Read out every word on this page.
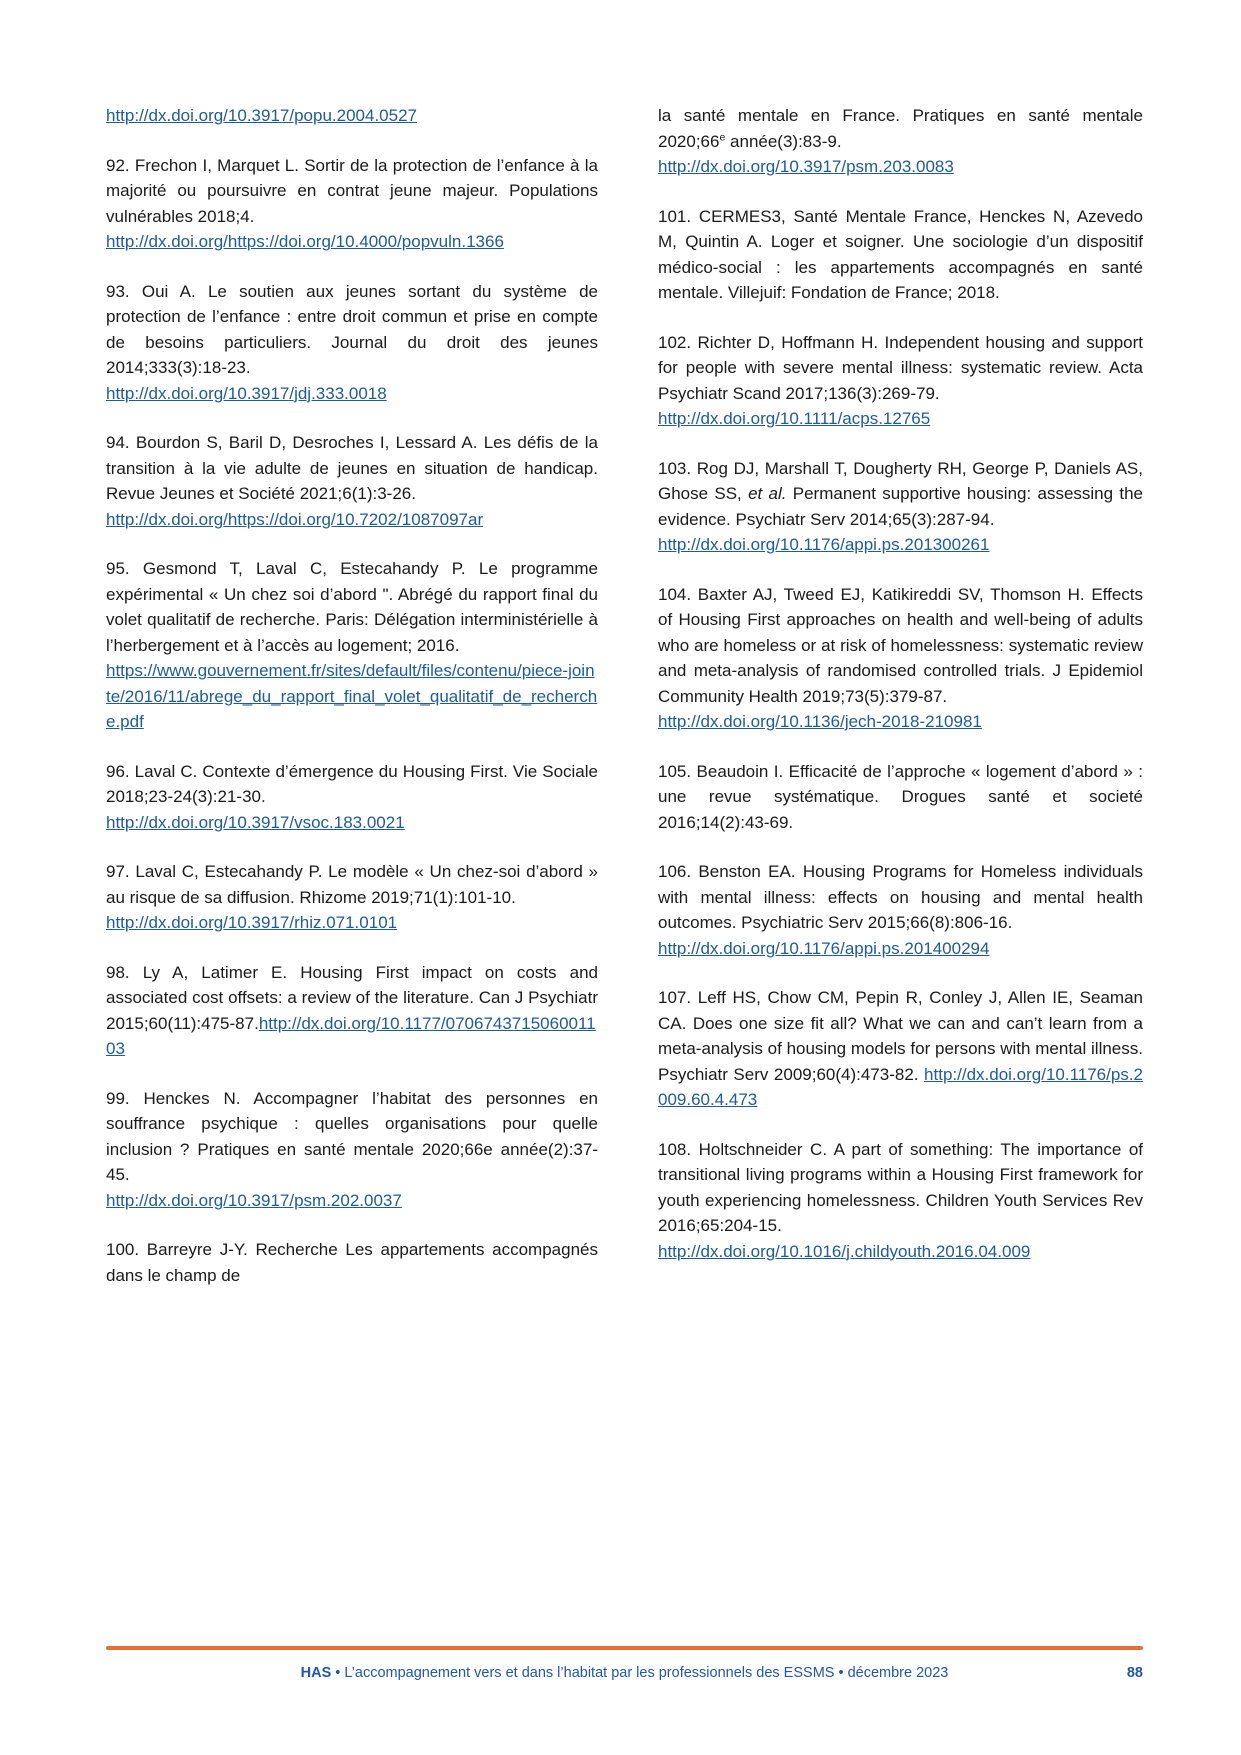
http://dx.doi.org/10.3917/popu.2004.0527

92. Frechon I, Marquet L. Sortir de la protection de l’enfance à la majorité ou poursuivre en contrat jeune majeur. Populations vulnérables 2018;4.
http://dx.doi.org/https://doi.org/10.4000/popvuln.1366

93. Oui A. Le soutien aux jeunes sortant du système de protection de l’enfance : entre droit commun et prise en compte de besoins particuliers. Journal du droit des jeunes 2014;333(3):18-23.
http://dx.doi.org/10.3917/jdj.333.0018

94. Bourdon S, Baril D, Desroches I, Lessard A. Les défis de la transition à la vie adulte de jeunes en situation de handicap. Revue Jeunes et Société 2021;6(1):3-26.
http://dx.doi.org/https://doi.org/10.7202/1087097ar

95. Gesmond T, Laval C, Estecahandy P. Le programme expérimental « Un chez soi d’abord ". Abrégé du rapport final du volet qualitatif de recherche. Paris: Délégation interministérielle à l’herbergement et à l’accès au logement; 2016.
https://www.gouvernement.fr/sites/default/files/contenu/piece-jointe/2016/11/abrege_du_rapport_final_volet_qualitatif_de_recherche.pdf

96. Laval C. Contexte d’émergence du Housing First. Vie Sociale 2018;23-24(3):21-30.
http://dx.doi.org/10.3917/vsoc.183.0021

97. Laval C, Estecahandy P. Le modèle « Un chez-soi d’abord » au risque de sa diffusion. Rhizome 2019;71(1):101-10.
http://dx.doi.org/10.3917/rhiz.071.0101

98. Ly A, Latimer E. Housing First impact on costs and associated cost offsets: a review of the literature. Can J Psychiatr 2015;60(11):475-87.http://dx.doi.org/10.1177/070674371506001103

99. Henckes N. Accompagner l’habitat des personnes en souffrance psychique : quelles organisations pour quelle inclusion ? Pratiques en santé mentale 2020;66e année(2):37-45.
http://dx.doi.org/10.3917/psm.202.0037

100. Barreyre J-Y. Recherche Les appartements accompagnés dans le champ de

la santé mentale en France. Pratiques en santé mentale 2020;66e année(3):83-9.
http://dx.doi.org/10.3917/psm.203.0083

101. CERMES3, Santé Mentale France, Henckes N, Azevedo M, Quintin A. Loger et soigner. Une sociologie d’un dispositif médico-social : les appartements accompagnés en santé mentale. Villejuif: Fondation de France; 2018.

102. Richter D, Hoffmann H. Independent housing and support for people with severe mental illness: systematic review. Acta Psychiatr Scand 2017;136(3):269-79.
http://dx.doi.org/10.1111/acps.12765

103. Rog DJ, Marshall T, Dougherty RH, George P, Daniels AS, Ghose SS, et al. Permanent supportive housing: assessing the evidence. Psychiatr Serv 2014;65(3):287-94.
http://dx.doi.org/10.1176/appi.ps.201300261

104. Baxter AJ, Tweed EJ, Katikireddi SV, Thomson H. Effects of Housing First approaches on health and well-being of adults who are homeless or at risk of homelessness: systematic review and meta-analysis of randomised controlled trials. J Epidemiol Community Health 2019;73(5):379-87.
http://dx.doi.org/10.1136/jech-2018-210981

105. Beaudoin I. Efficacité de l’approche « logement d’abord » : une revue systématique. Drogues santé et societé 2016;14(2):43-69.

106. Benston EA. Housing Programs for Homeless individuals with mental illness: effects on housing and mental health outcomes. Psychiatric Serv 2015;66(8):806-16.
http://dx.doi.org/10.1176/appi.ps.201400294

107. Leff HS, Chow CM, Pepin R, Conley J, Allen IE, Seaman CA. Does one size fit all? What we can and can’t learn from a meta-analysis of housing models for persons with mental illness. Psychiatr Serv 2009;60(4):473-82. http://dx.doi.org/10.1176/ps.2009.60.4.473

108. Holtschneider C. A part of something: The importance of transitional living programs within a Housing First framework for youth experiencing homelessness. Children Youth Services Rev 2016;65:204-15.
http://dx.doi.org/10.1016/j.childyouth.2016.04.009

HAS • L’accompagnement vers et dans l’habitat par les professionnels des ESSMS • décembre 2023	88
